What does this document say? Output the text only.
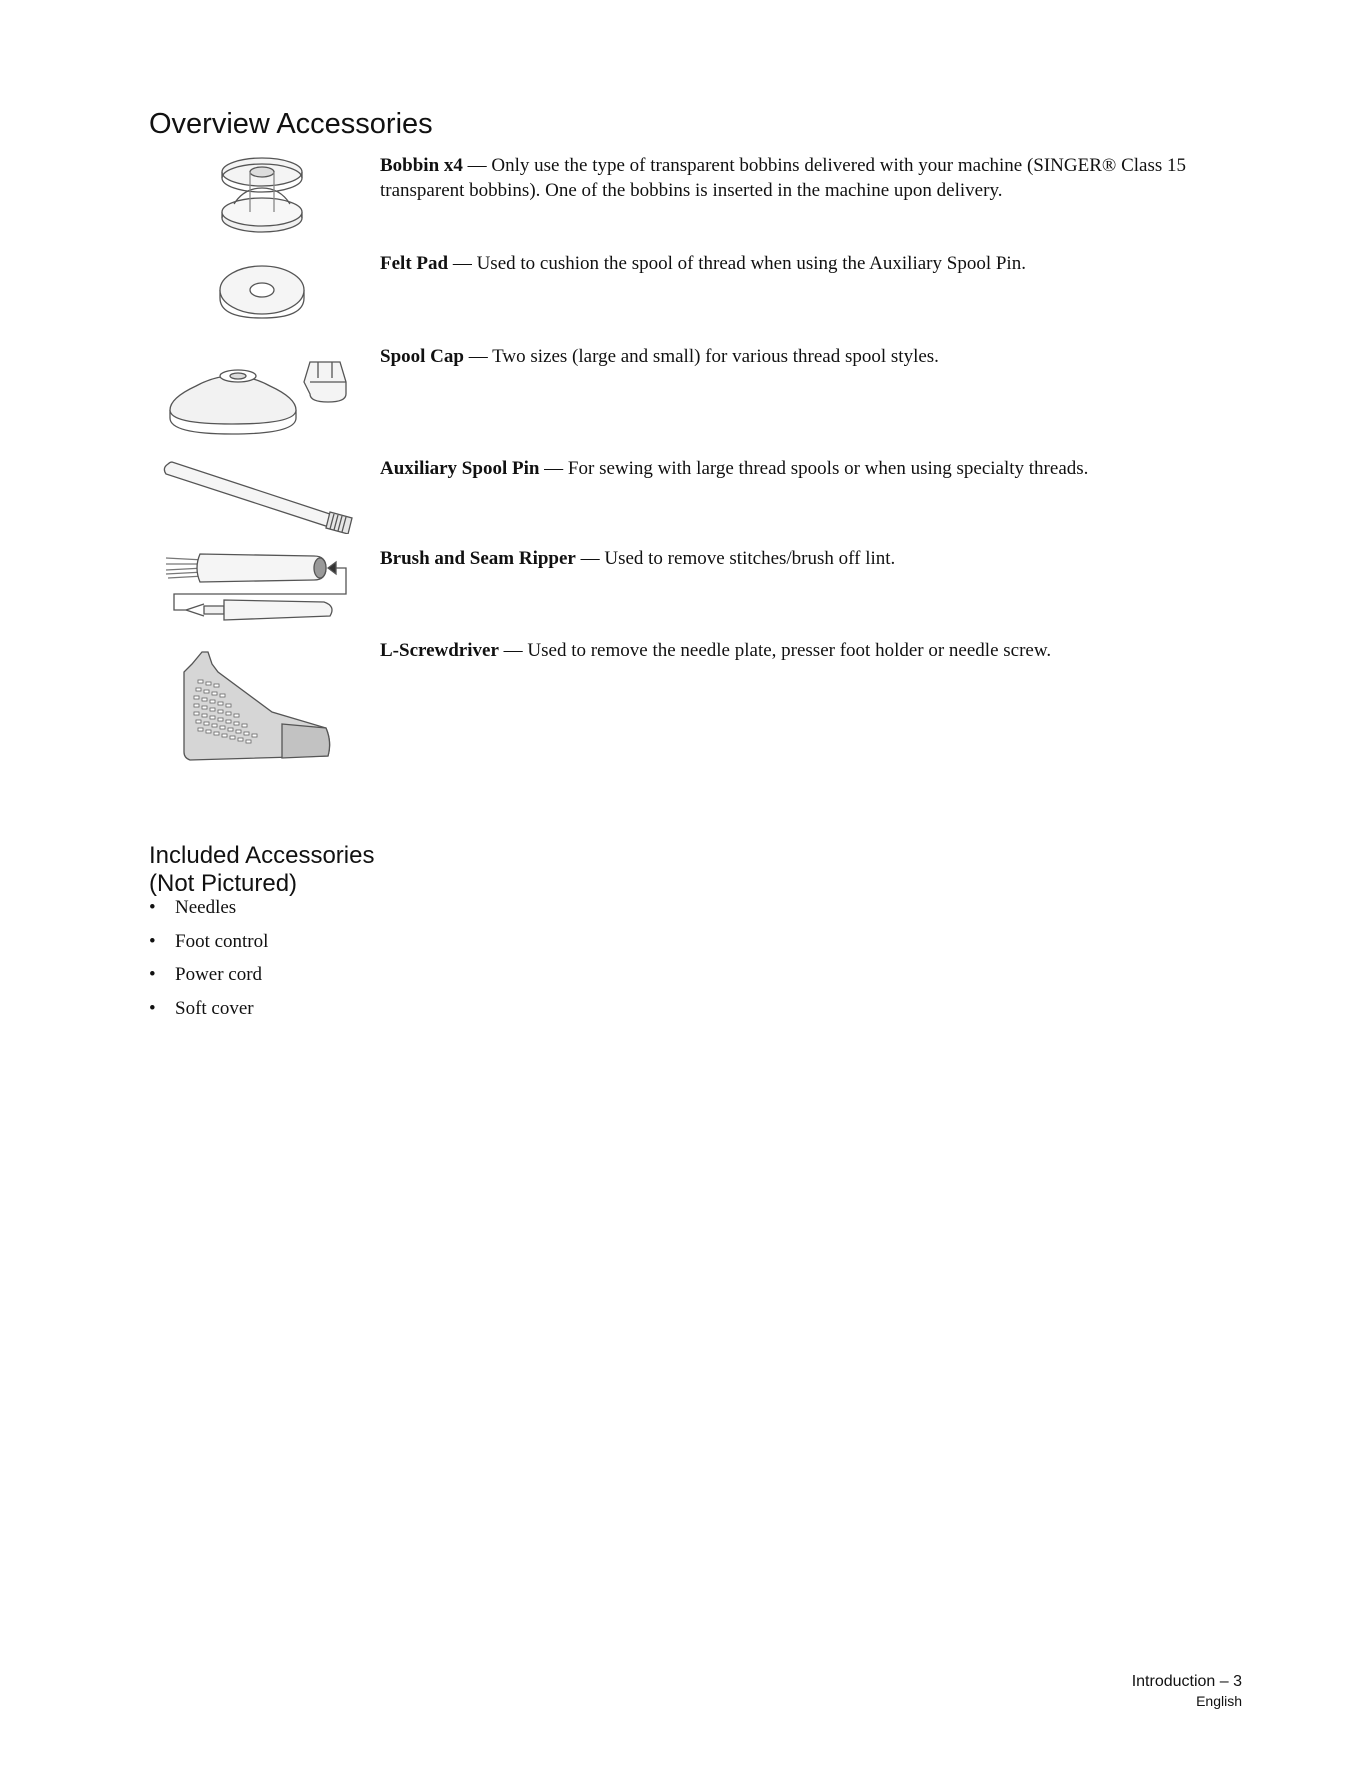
Overview Accessories
Bobbin x4 — Only use the type of transparent bobbins delivered with your machine (SINGER® Class 15 transparent bobbins). One of the bobbins is inserted in the machine upon delivery.
Felt Pad — Used to cushion the spool of thread when using the Auxiliary Spool Pin.
Spool Cap — Two sizes (large and small) for various thread spool styles.
Auxiliary Spool Pin — For sewing with large thread spools or when using specialty threads.
Brush and Seam Ripper — Used to remove stitches/brush off lint.
L-Screwdriver — Used to remove the needle plate, presser foot holder or needle screw.
Included Accessories
(Not Pictured)
• Needles
• Foot control
• Power cord
• Soft cover
Introduction – 3
English
